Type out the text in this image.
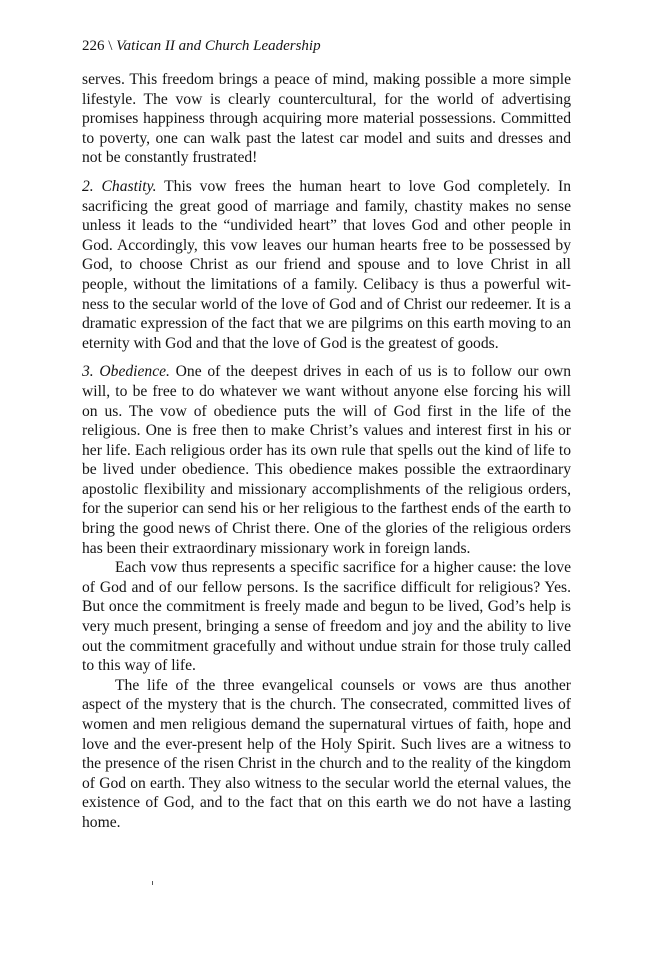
226 \ Vatican II and Church Leadership

serves. This freedom brings a peace of mind, making possible a more simple lifestyle. The vow is clearly countercultural, for the world of advertising promises happiness through acquiring more material possessions. Committed to poverty, one can walk past the latest car model and suits and dresses and not be constantly frustrated!

2. Chastity. This vow frees the human heart to love God completely. In sacrificing the great good of marriage and family, chastity makes no sense unless it leads to the “undivided heart” that loves God and other people in God. Accordingly, this vow leaves our human hearts free to be possessed by God, to choose Christ as our friend and spouse and to love Christ in all people, without the limitations of a family. Celibacy is thus a powerful witness to the secular world of the love of God and of Christ our redeemer. It is a dramatic expression of the fact that we are pilgrims on this earth moving to an eternity with God and that the love of God is the greatest of goods.

3. Obedience. One of the deepest drives in each of us is to follow our own will, to be free to do whatever we want without anyone else forcing his will on us. The vow of obedience puts the will of God first in the life of the religious. One is free then to make Christ’s values and interest first in his or her life. Each religious order has its own rule that spells out the kind of life to be lived under obedience. This obedience makes possible the extraordinary apostolic flexibility and missionary accomplishments of the religious orders, for the superior can send his or her religious to the farthest ends of the earth to bring the good news of Christ there. One of the glories of the religious orders has been their extraordinary missionary work in foreign lands.

Each vow thus represents a specific sacrifice for a higher cause: the love of God and of our fellow persons. Is the sacrifice difficult for religious? Yes. But once the commitment is freely made and begun to be lived, God’s help is very much present, bringing a sense of freedom and joy and the ability to live out the commitment gracefully and without undue strain for those truly called to this way of life.

The life of the three evangelical counsels or vows are thus another aspect of the mystery that is the church. The consecrated, committed lives of women and men religious demand the supernatural virtues of faith, hope and love and the ever-present help of the Holy Spirit. Such lives are a witness to the presence of the risen Christ in the church and to the reality of the kingdom of God on earth. They also witness to the secular world the eternal values, the existence of God, and to the fact that on this earth we do not have a lasting home.
